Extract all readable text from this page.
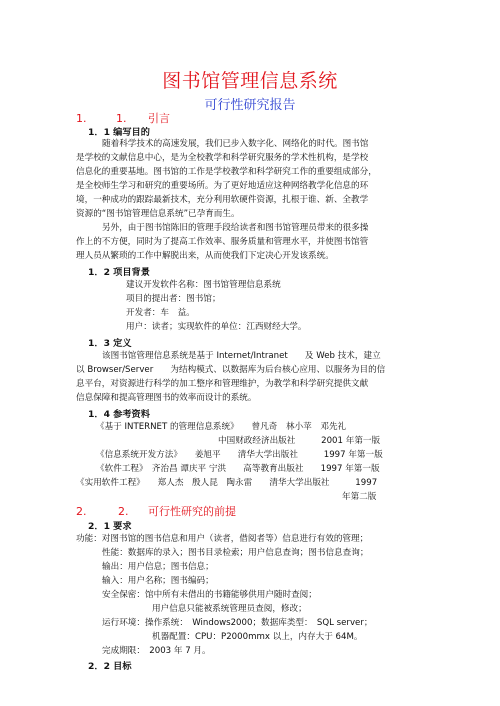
图书馆管理信息系统
可行性研究报告
1.	1. 引言
1．1 编写目的
随着科学技术的高速发展，我们已步入数字化、网络化的时代。图书馆
是学校的文献信息中心，是为全校教学和科学研究服务的学术性机构，是学校
信息化的重要基地。图书馆的工作是学校教学和科学研究工作的重要组成部分，
是全校师生学习和研究的重要场所。为了更好地适应这种网络教学化信息的环
境，一种成功的跟踪最新技术，充分利用软硬件资源，扎根于谁、新、全教学
资源的“图书馆管理信息系统”已孕育而生。
另外，由于图书馆陈旧的管理手段给读者和图书馆管理员带来的很多操
作上的不方便，同时为了提高工作效率、服务质量和管理水平，并使图书馆管
理人员从繁琐的工作中解脱出来，从而使我们下定决心开发该系统。
1．2 项目背景
建议开发软件名称：图书馆管理信息系统
项目的提出者：图书馆；
开发者：车　益。
用户：读者；实现软件的单位：江西财经大学。
1．3 定义
该图书馆管理信息系统是基于 Internet/Intranet　　及 Web 技术，建立
以 Browser/Server　　为结构模式、以数据库为后台核心应用、以服务为目的信
息平台，对资源进行科学的加工整序和管理维护，为教学和科学研究提供文献
信息保障和提高管理图书的效率而设计的系统。
1．4 参考资料
《基于 INTERNET 的管理信息系统》　　曾凡奇　林小苹　邓先礼
中国财政经济出版社　　　2001 年第一版
《信息系统开发方法》　　姜旭平　　清华大学出版社　　　1997 年第一版
《软件工程》　齐治昌 谭庆平 宁洪　　高等教育出版社　　1997 年第一版
《实用软件工程》　　郑人杰　殷人昆　陶永雷　　清华大学出版社　　　1997
年第二版
2.	2. 可行性研究的前提
2．1 要求
功能：对图书馆的图书信息和用户（读者，借阅者等）信息进行有效的管理；
性能：数据库的录入；图书目录检索；用户信息查询；图书信息查询；
输出：用户信息；图书信息；
输入：用户名称；图书编码；
安全保密：馆中所有未借出的书籍能够供用户随时查阅；
用户信息只能被系统管理员查阅，修改；
运行环境：操作系统：　Windows2000；数据库类型：　SQL server；
机器配置：CPU：P2000mmx 以上，内存大于 64M。
完成期限：　2003 年 7 月。
2．2 目标
